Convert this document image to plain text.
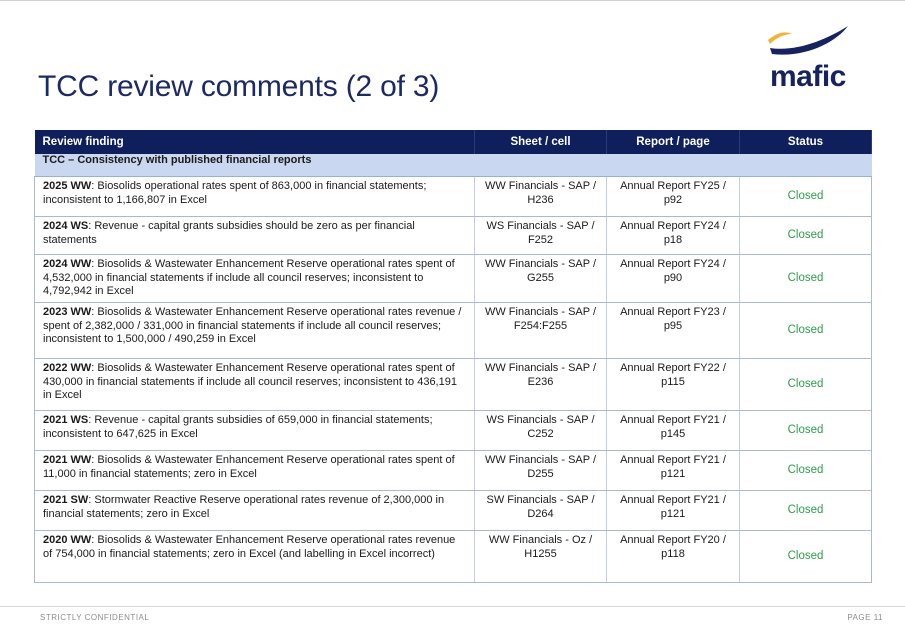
TCC review comments (2 of 3)	mafic
Review finding	Sheet / cell	Report / page	Status
TCC – Consistency with published financial reports			
2025 WW: Biosolids operational rates spent of 863,000 in financial statements; inconsistent to 1,166,807 in Excel	WW Financials - SAP / H236	Annual Report FY25 / p92	Closed
2024 WS: Revenue - capital grants subsidies should be zero as per financial statements	WS Financials - SAP / F252	Annual Report FY24 / p18	Closed
2024 WW: Biosolids & Wastewater Enhancement Reserve operational rates spent of 4,532,000 in financial statements if include all council reserves; inconsistent to 4,792,942 in Excel	WW Financials - SAP / G255	Annual Report FY24 / p90	Closed
2023 WW: Biosolids & Wastewater Enhancement Reserve operational rates revenue / spent of 2,382,000 / 331,000 in financial statements if include all council reserves; inconsistent to 1,500,000 / 490,259 in Excel	WW Financials - SAP / F254:F255	Annual Report FY23 / p95	Closed
2022 WW: Biosolids & Wastewater Enhancement Reserve operational rates spent of 430,000 in financial statements if include all council reserves; inconsistent to 436,191 in Excel	WW Financials - SAP / E236	Annual Report FY22 / p115	Closed
2021 WS: Revenue - capital grants subsidies of 659,000 in financial statements; inconsistent to 647,625 in Excel	WS Financials - SAP / C252	Annual Report FY21 / p145	Closed
2021 WW: Biosolids & Wastewater Enhancement Reserve operational rates spent of 11,000 in financial statements; zero in Excel	WW Financials - SAP / D255	Annual Report FY21 / p121	Closed
2021 SW: Stormwater Reactive Reserve operational rates revenue of 2,300,000 in financial statements; zero in Excel	SW Financials - SAP / D264	Annual Report FY21 / p121	Closed
2020 WW: Biosolids & Wastewater Enhancement Reserve operational rates revenue of 754,000 in financial statements; zero in Excel (and labelling in Excel incorrect)	WW Financials - Oz / H1255	Annual Report FY20 / p118	Closed
STRICTLY CONFIDENTIAL	PAGE 11
